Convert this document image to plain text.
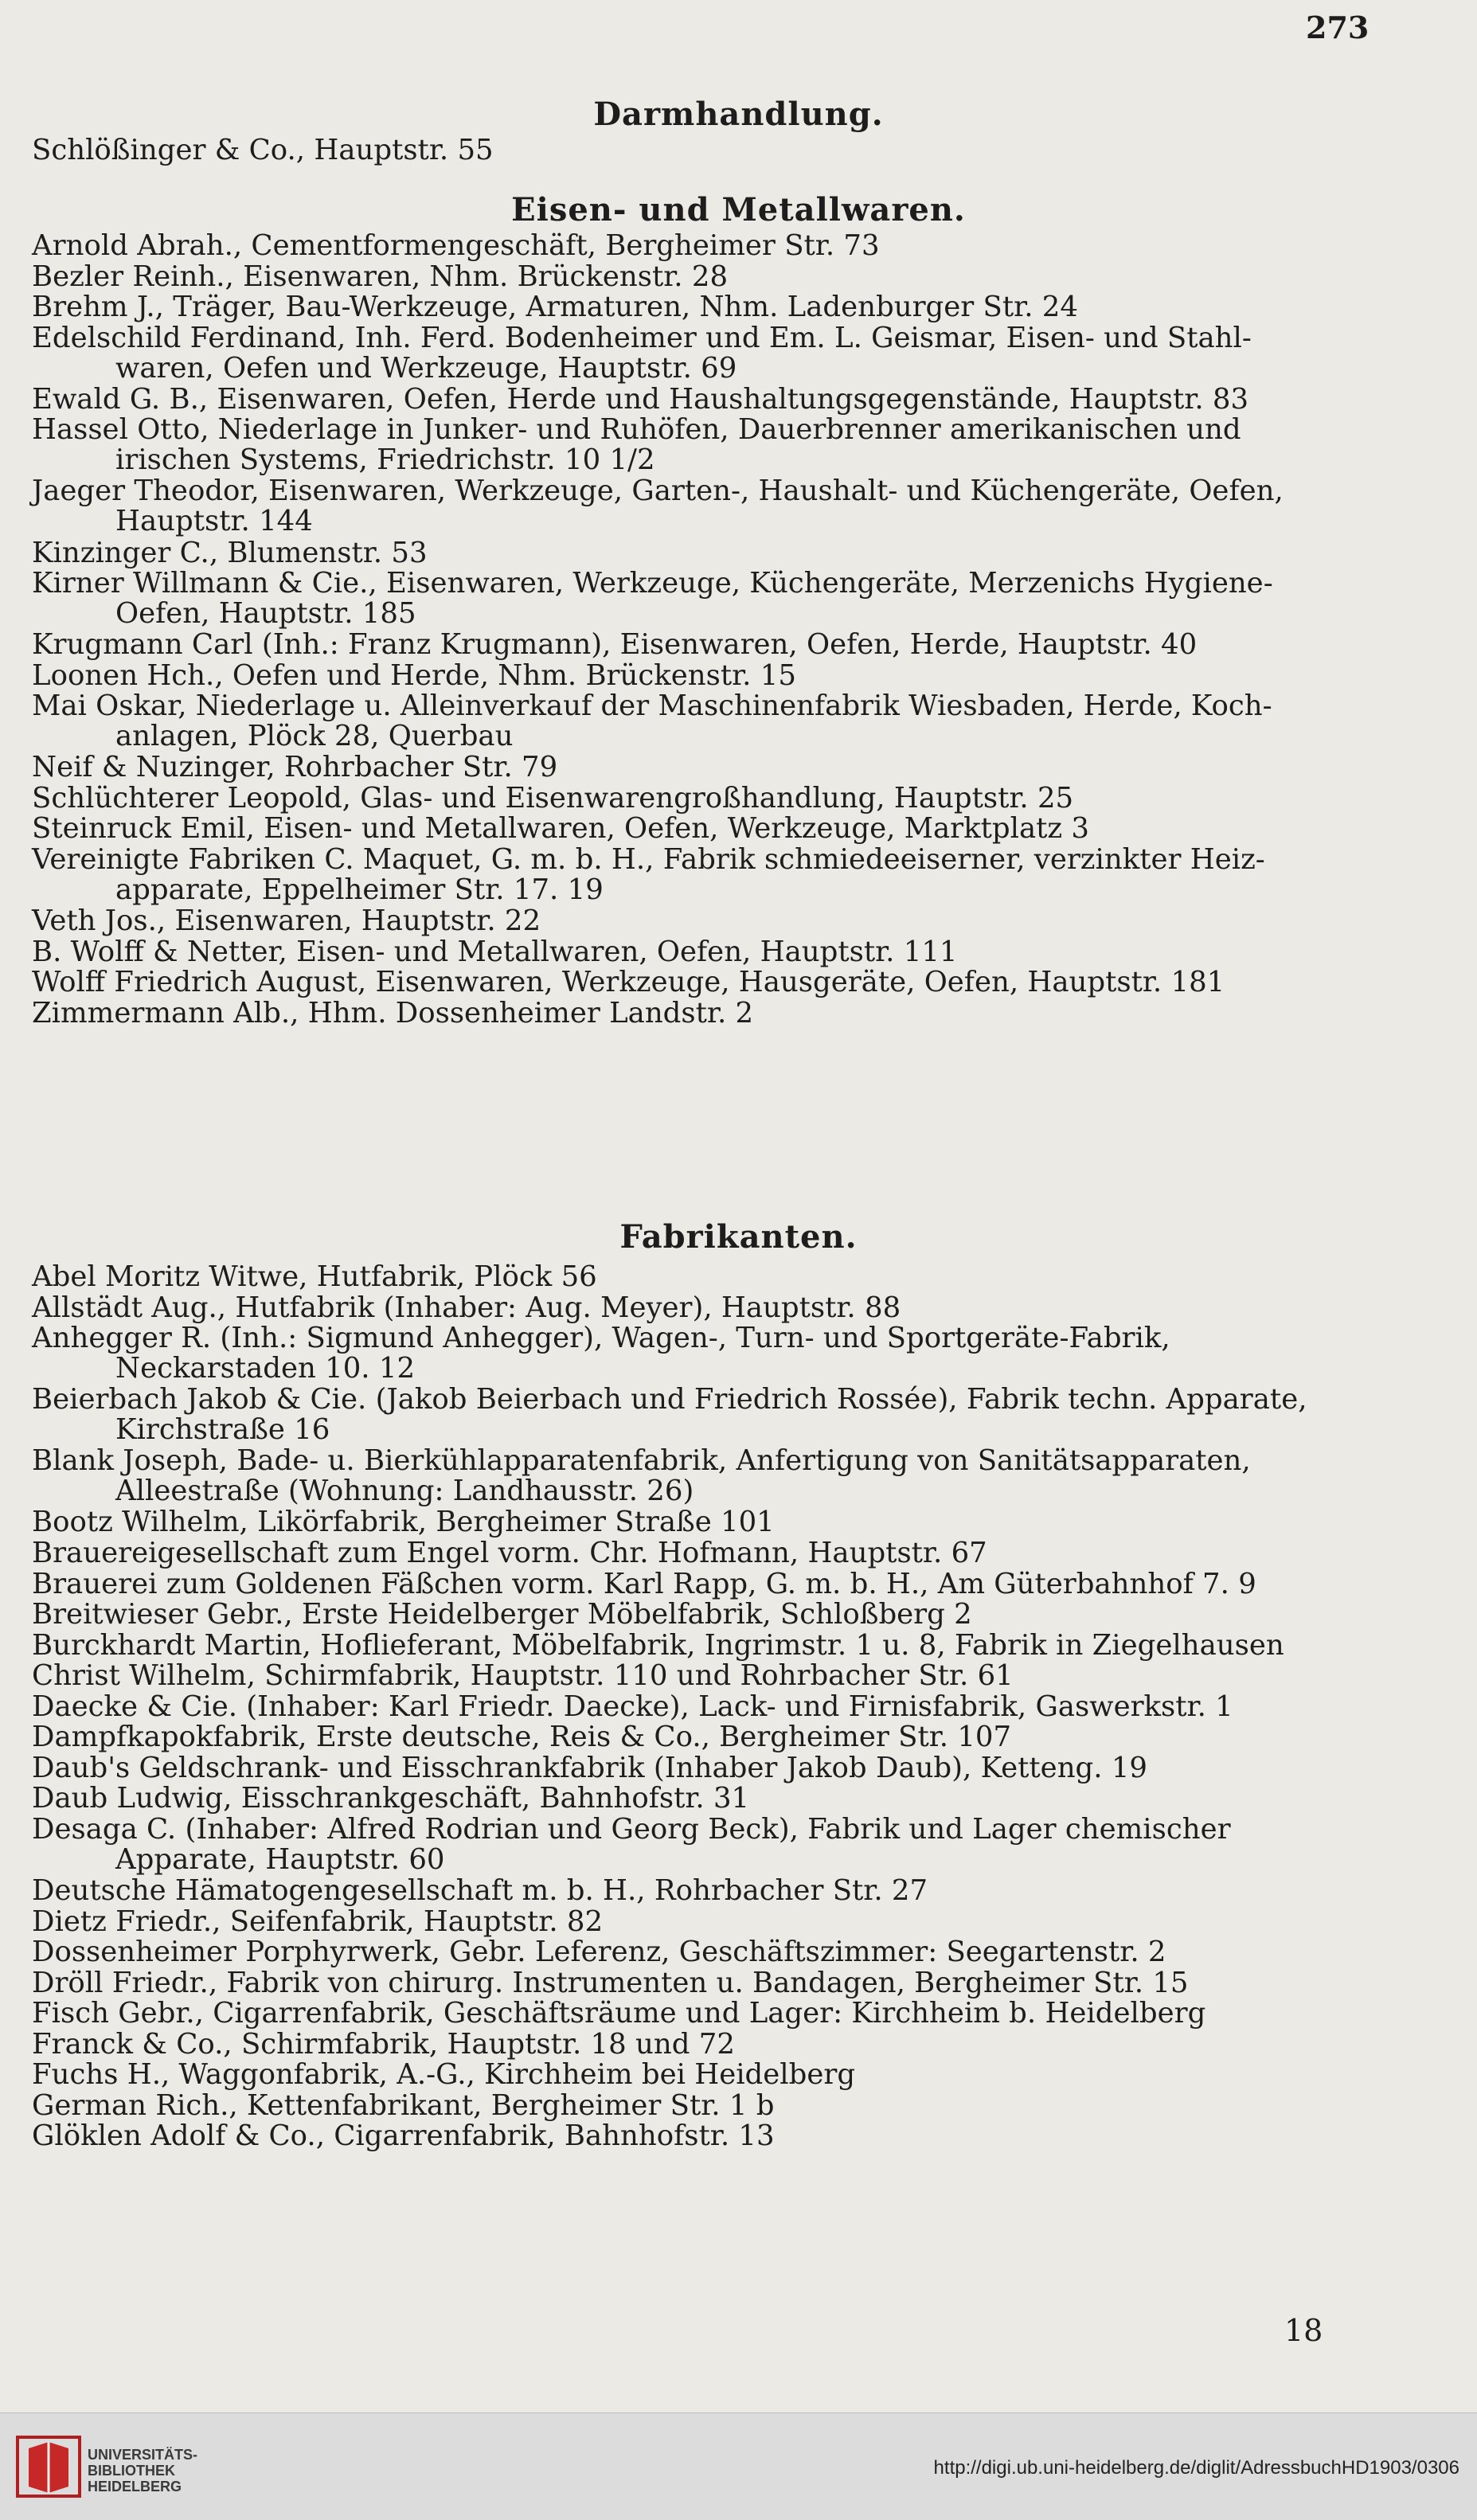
273
Darmhandlung.
Schlößinger & Co., Hauptstr. 55
Eisen- und Metallwaren.
Arnold Abrah., Cementformengeschäft, Bergheimer Str. 73
Bezler Reinh., Eisenwaren, Nhm. Brückenstr. 28
Brehm J., Träger, Bau-Werkzeuge, Armaturen, Nhm. Ladenburger Str. 24
Edelschild Ferdinand, Inh. Ferd. Bodenheimer und Em. L. Geismar, Eisen- und Stahl-
waren, Oefen und Werkzeuge, Hauptstr. 69
Ewald G. B., Eisenwaren, Oefen, Herde und Haushaltungsgegenstände, Hauptstr. 83
Hassel Otto, Niederlage in Junker- und Ruhöfen, Dauerbrenner amerikanischen und
irischen Systems, Friedrichstr. 10 1/2
Jaeger Theodor, Eisenwaren, Werkzeuge, Garten-, Haushalt- und Küchengeräte, Oefen,
Hauptstr. 144
Kinzinger C., Blumenstr. 53
Kirner Willmann & Cie., Eisenwaren, Werkzeuge, Küchengeräte, Merzenichs Hygiene-
Oefen, Hauptstr. 185
Krugmann Carl (Inh.: Franz Krugmann), Eisenwaren, Oefen, Herde, Hauptstr. 40
Loonen Hch., Oefen und Herde, Nhm. Brückenstr. 15
Mai Oskar, Niederlage u. Alleinverkauf der Maschinenfabrik Wiesbaden, Herde, Koch-
anlagen, Plöck 28, Querbau
Neif & Nuzinger, Rohrbacher Str. 79
Schlüchterer Leopold, Glas- und Eisenwarengroßhandlung, Hauptstr. 25
Steinruck Emil, Eisen- und Metallwaren, Oefen, Werkzeuge, Marktplatz 3
Vereinigte Fabriken C. Maquet, G. m. b. H., Fabrik schmiedeeiserner, verzinkter Heiz-
apparate, Eppelheimer Str. 17. 19
Veth Jos., Eisenwaren, Hauptstr. 22
B. Wolff & Netter, Eisen- und Metallwaren, Oefen, Hauptstr. 111
Wolff Friedrich August, Eisenwaren, Werkzeuge, Hausgeräte, Oefen, Hauptstr. 181
Zimmermann Alb., Hhm. Dossenheimer Landstr. 2
Fabrikanten.
Abel Moritz Witwe, Hutfabrik, Plöck 56
Allstädt Aug., Hutfabrik (Inhaber: Aug. Meyer), Hauptstr. 88
Anhegger R. (Inh.: Sigmund Anhegger), Wagen-, Turn- und Sportgeräte-Fabrik,
Neckarstaden 10. 12
Beierbach Jakob & Cie. (Jakob Beierbach und Friedrich Rossée), Fabrik techn. Apparate,
Kirchstraße 16
Blank Joseph, Bade- u. Bierkühlapparatenfabrik, Anfertigung von Sanitätsapparaten,
Alleestraße (Wohnung: Landhausstr. 26)
Bootz Wilhelm, Likörfabrik, Bergheimer Straße 101
Brauereigesellschaft zum Engel vorm. Chr. Hofmann, Hauptstr. 67
Brauerei zum Goldenen Fäßchen vorm. Karl Rapp, G. m. b. H., Am Güterbahnhof 7. 9
Breitwieser Gebr., Erste Heidelberger Möbelfabrik, Schloßberg 2
Burckhardt Martin, Hoflieferant, Möbelfabrik, Ingrimstr. 1 u. 8, Fabrik in Ziegelhausen
Christ Wilhelm, Schirmfabrik, Hauptstr. 110 und Rohrbacher Str. 61
Daecke & Cie. (Inhaber: Karl Friedr. Daecke), Lack- und Firnisfabrik, Gaswerkstr. 1
Dampfkapokfabrik, Erste deutsche, Reis & Co., Bergheimer Str. 107
Daub's Geldschrank- und Eisschrankfabrik (Inhaber Jakob Daub), Ketteng. 19
Daub Ludwig, Eisschrankgeschäft, Bahnhofstr. 31
Desaga C. (Inhaber: Alfred Rodrian und Georg Beck), Fabrik und Lager chemischer
Apparate, Hauptstr. 60
Deutsche Hämatogengesellschaft m. b. H., Rohrbacher Str. 27
Dietz Friedr., Seifenfabrik, Hauptstr. 82
Dossenheimer Porphyrwerk, Gebr. Leferenz, Geschäftszimmer: Seegartenstr. 2
Dröll Friedr., Fabrik von chirurg. Instrumenten u. Bandagen, Bergheimer Str. 15
Fisch Gebr., Cigarrenfabrik, Geschäftsräume und Lager: Kirchheim b. Heidelberg
Franck & Co., Schirmfabrik, Hauptstr. 18 und 72
Fuchs H., Waggonfabrik, A.-G., Kirchheim bei Heidelberg
German Rich., Kettenfabrikant, Bergheimer Str. 1 b
Glöklen Adolf & Co., Cigarrenfabrik, Bahnhofstr. 13
18
UNIVERSITÄTS-
BIBLIOTHEK
HEIDELBERG
http://digi.ub.uni-heidelberg.de/diglit/AdressbuchHD1903/0306
